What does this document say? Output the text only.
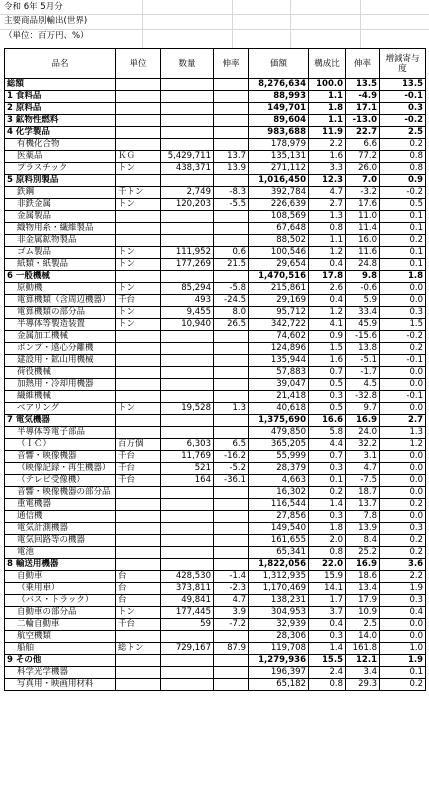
令和 6年 5月分
主要商品別輸出(世界)
（単位：百万円、%）
品名	単位	数量	伸率	価額	構成比	伸率	増減寄与度
総額				8,276,634	100.0	13.5	13.5
1 食料品				88,993	1.1	-4.9	-0.1
2 原料品				149,701	1.8	17.1	0.3
3 鉱物性燃料				89,604	1.1	-13.0	-0.2
4 化学製品				983,688	11.9	22.7	2.5
有機化合物				178,979	2.2	6.6	0.2
医薬品	ＫＧ	5,429,711	13.7	135,131	1.6	77.2	0.8
プラスチック	トン	438,371	13.9	271,112	3.3	26.0	0.8
5 原料別製品				1,016,450	12.3	7.0	0.9
鉄鋼	千トン	2,749	-8.3	392,784	4.7	-3.2	-0.2
非鉄金属	トン	120,203	-5.5	226,639	2.7	17.6	0.5
金属製品				108,569	1.3	11.0	0.1
織物用糸・繊維製品				67,648	0.8	11.4	0.1
非金属鉱物製品				88,502	1.1	16.0	0.2
ゴム製品	トン	111,952	0.6	100,546	1.2	11.6	0.1
紙類・紙製品	トン	177,269	21.5	29,654	0.4	24.8	0.1
6 一般機械				1,470,516	17.8	9.8	1.8
原動機	トン	85,294	-5.8	215,861	2.6	-0.6	0.0
電算機類（含周辺機器）	千台	493	-24.5	29,169	0.4	5.9	0.0
電算機類の部分品	トン	9,455	8.0	95,712	1.2	33.4	0.3
半導体等製造装置	トン	10,940	26.5	342,722	4.1	45.9	1.5
金属加工機械				74,602	0.9	-15.6	-0.2
ポンプ・遠心分離機				124,896	1.5	13.8	0.2
建設用・鉱山用機械				135,944	1.6	-5.1	-0.1
荷役機械				57,883	0.7	-1.7	0.0
加熱用・冷却用機器				39,047	0.5	4.5	0.0
繊維機械				21,418	0.3	-32.8	-0.1
ベアリング	トン	19,528	1.3	40,618	0.5	9.7	0.0
7 電気機器				1,375,690	16.6	16.9	2.7
半導体等電子部品				479,850	5.8	24.0	1.3
（ＩＣ）	百万個	6,303	6.5	365,205	4.4	32.2	1.2
音響・映像機器	千台	11,769	-16.2	55,999	0.7	3.1	0.0
（映像記録・再生機器）	千台	521	-5.2	28,379	0.3	4.7	0.0
（テレビ受像機）	千台	164	-36.1	4,663	0.1	-7.5	0.0
音響・映像機器の部分品				16,302	0.2	18.7	0.0
重電機器				116,544	1.4	13.7	0.2
通信機				27,856	0.3	7.8	0.0
電気計測機器				149,540	1.8	13.9	0.3
電気回路等の機器				161,655	2.0	8.4	0.2
電池				65,341	0.8	25.2	0.2
8 輸送用機器				1,822,056	22.0	16.9	3.6
自動車	台	428,530	-1.4	1,312,935	15.9	18.6	2.2
（乗用車）	台	373,811	-2.3	1,170,469	14.1	13.4	1.9
（バス・トラック）	台	49,841	4.7	138,231	1.7	17.9	0.3
自動車の部分品	トン	177,445	3.9	304,953	3.7	10.9	0.4
二輪自動車	千台	59	-7.2	32,939	0.4	2.5	0.0
航空機類				28,306	0.3	14.0	0.0
船舶	総トン	729,167	87.9	119,708	1.4	161.8	1.0
9 その他				1,279,936	15.5	12.1	1.9
科学光学機器				196,397	2.4	3.4	0.1
写真用・映画用材料				65,182	0.8	29.3	0.2
